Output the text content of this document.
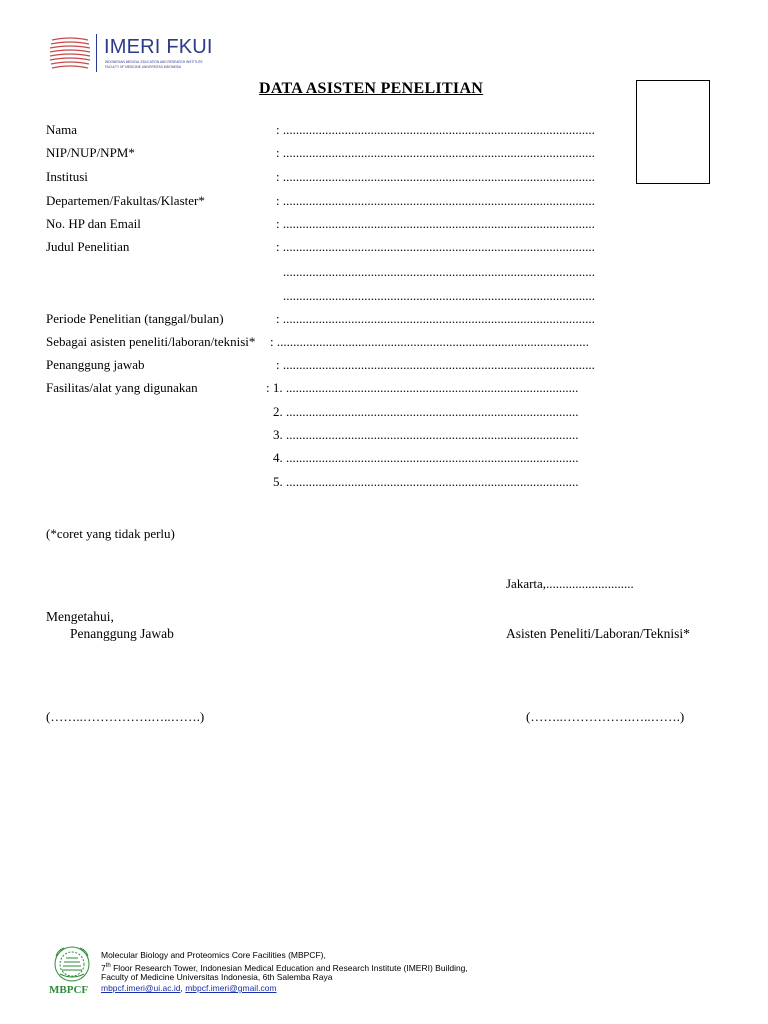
IMERI FKUI
INDONESIAN MEDICAL EDUCATION AND RESEARCH INSTITUTE
FACULTY OF MEDICINE UNIVERSITAS INDONESIA
DATA ASISTEN PENELITIAN
Nama	: ................................................................................................
NIP/NUP/NPM*	: ................................................................................................
Institusi	: ................................................................................................
Departemen/Fakultas/Klaster*	: ................................................................................................
No. HP dan Email	: ................................................................................................
Judul Penelitian	: ................................................................................................
................................................................................................
................................................................................................
Periode Penelitian (tanggal/bulan)	: ................................................................................................
Sebagai asisten peneliti/laboran/teknisi* : ................................................................................................
Penanggung jawab	: ................................................................................................
Fasilitas/alat yang digunakan	: 1. ..........................................................................................
2. ..........................................................................................
3. ..........................................................................................
4. ..........................................................................................
5. ..........................................................................................
(*coret yang tidak perlu)
Jakarta,...........................
Mengetahui,
Penanggung Jawab	Asisten Peneliti/Laboran/Teknisi*
(……..…………….…..…….)	(……..…………….…..…….)
MBPCF
Molecular Biology and Proteomics Core Facilities (MBPCF),
7th Floor Research Tower, Indonesian Medical Education and Research Institute (IMERI) Building,
Faculty of Medicine Universitas Indonesia, 6th Salemba Raya
mbpcf.imeri@ui.ac.id, mbpcf.imeri@gmail.com
